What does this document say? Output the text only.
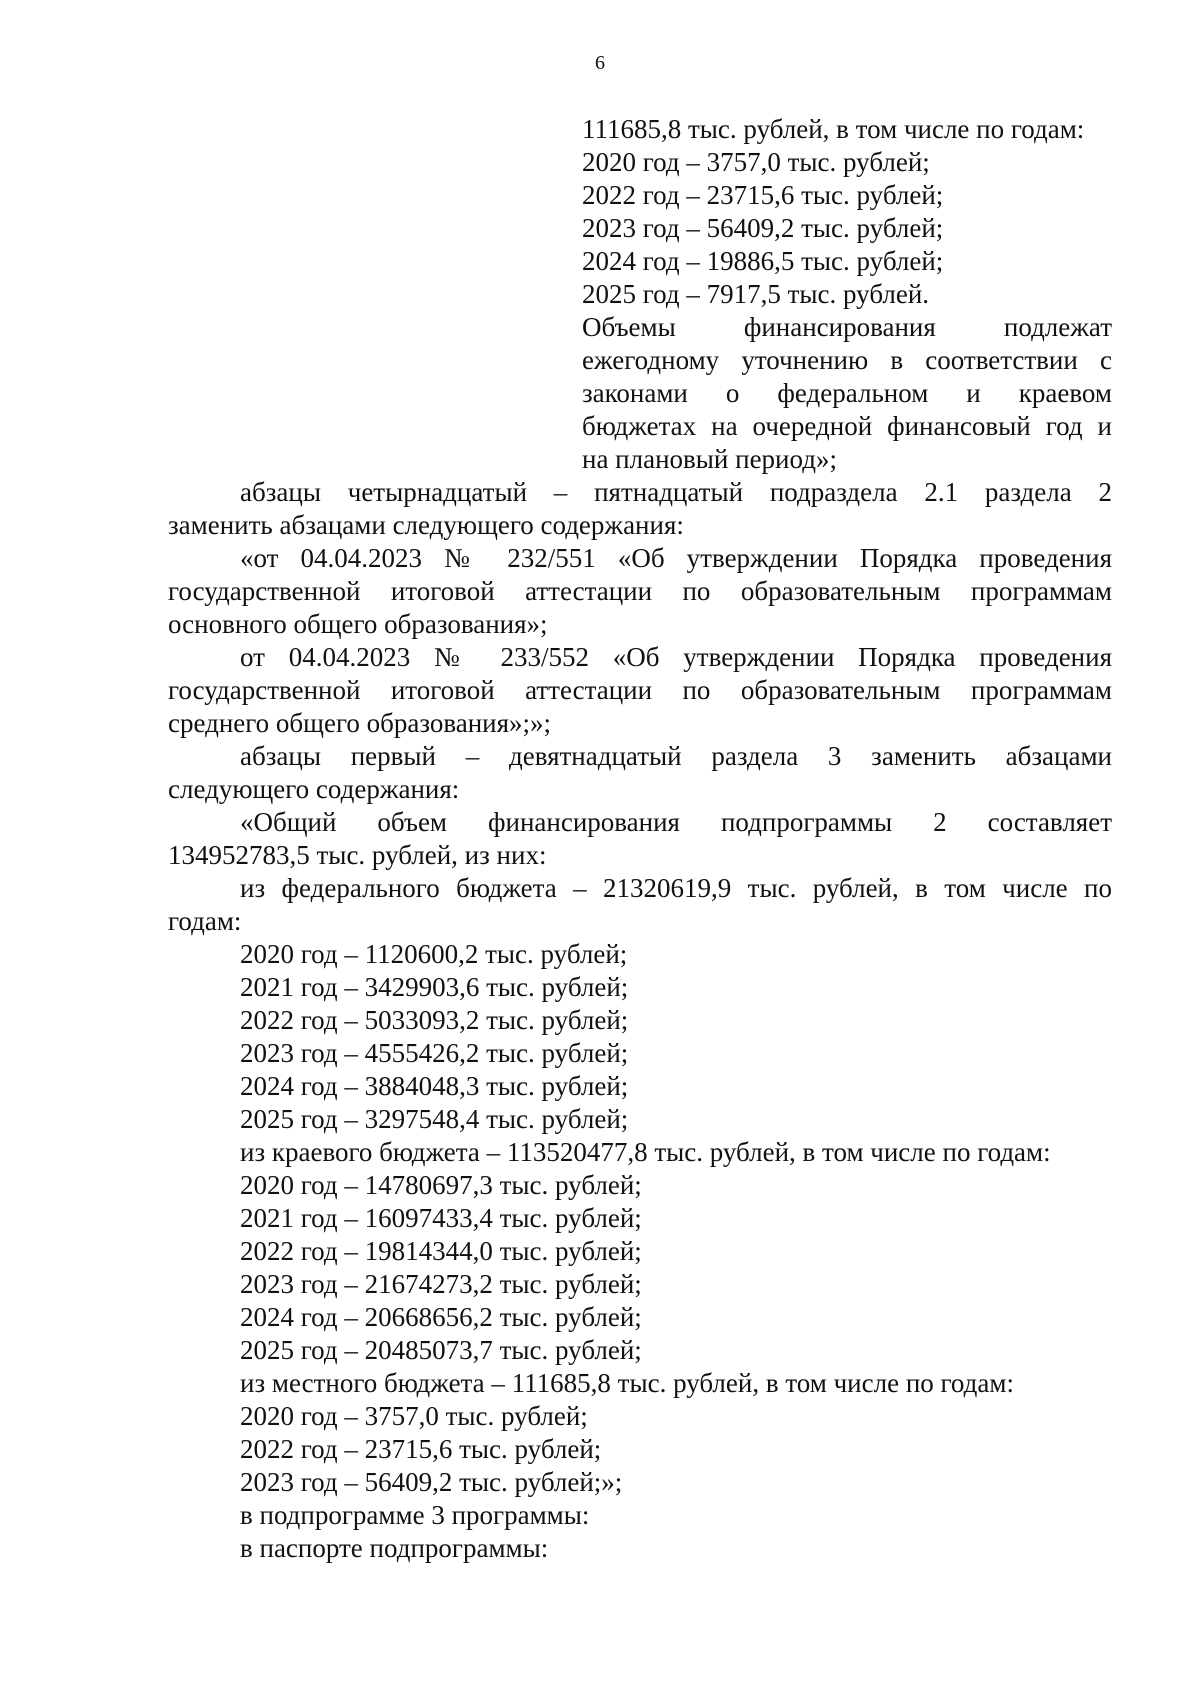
6
111685,8 тыс. рублей, в том числе по годам:
2020 год – 3757,0 тыс. рублей;
2022 год – 23715,6 тыс. рублей;
2023 год – 56409,2 тыс. рублей;
2024 год – 19886,5 тыс. рублей;
2025 год – 7917,5 тыс. рублей.
Объемы финансирования подлежат
ежегодному уточнению в соответствии с
законами о федеральном и краевом
бюджетах на очередной финансовый год и
на плановый период»;
абзацы четырнадцатый – пятнадцатый подраздела 2.1 раздела 2
заменить абзацами следующего содержания:
«от 04.04.2023 № 232/551 «Об утверждении Порядка проведения
государственной итоговой аттестации по образовательным программам
основного общего образования»;
от 04.04.2023 № 233/552 «Об утверждении Порядка проведения
государственной итоговой аттестации по образовательным программам
среднего общего образования»;»;
абзацы первый – девятнадцатый раздела 3 заменить абзацами
следующего содержания:
«Общий объем финансирования подпрограммы 2 составляет
134952783,5 тыс. рублей, из них:
из федерального бюджета – 21320619,9 тыс. рублей, в том числе по
годам:
2020 год – 1120600,2 тыс. рублей;
2021 год – 3429903,6 тыс. рублей;
2022 год – 5033093,2 тыс. рублей;
2023 год – 4555426,2 тыс. рублей;
2024 год – 3884048,3 тыс. рублей;
2025 год – 3297548,4 тыс. рублей;
из краевого бюджета – 113520477,8 тыс. рублей, в том числе по годам:
2020 год – 14780697,3 тыс. рублей;
2021 год – 16097433,4 тыс. рублей;
2022 год – 19814344,0 тыс. рублей;
2023 год – 21674273,2 тыс. рублей;
2024 год – 20668656,2 тыс. рублей;
2025 год – 20485073,7 тыс. рублей;
из местного бюджета – 111685,8 тыс. рублей, в том числе по годам:
2020 год – 3757,0 тыс. рублей;
2022 год – 23715,6 тыс. рублей;
2023 год – 56409,2 тыс. рублей;»;
в подпрограмме 3 программы:
в паспорте подпрограммы:
